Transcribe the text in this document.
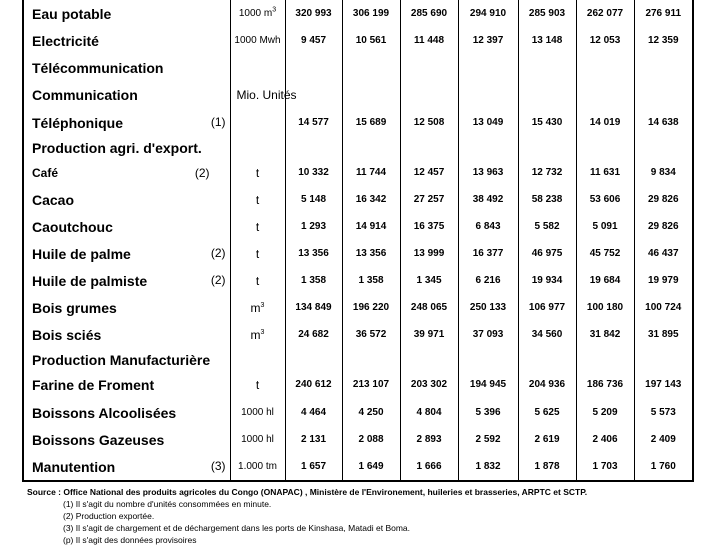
Eau potable	1000 $m^3$	320 993	306 199	285 690	294 910	285 903	262 077	276 911
Electricité	1000 Mwh	9 457	10 561	11 448	12 397	13 148	12 053	12 359
Télécommunication								
Communication	Mio. Unités							
Téléphonique (1)		14 577	15 689	12 508	13 049	15 430	14 019	14 638
Production agri. d'export.								
Café (2)	t	10 332	11 744	12 457	13 963	12 732	11 631	9 834
Cacao	t	5 148	16 342	27 257	38 492	58 238	53 606	29 826
Caoutchouc	t	1 293	14 914	16 375	6 843	5 582	5 091	29 826
Huile de palme (2)	t	13 356	13 356	13 999	16 377	46 975	45 752	46 437
Huile de palmiste (2)	t	1 358	1 358	1 345	6 216	19 934	19 684	19 979
Bois grumes	$m^3$	134 849	196 220	248 065	250 133	106 977	100 180	100 724
Bois sciés	$m^3$	24 682	36 572	39 971	37 093	34 560	31 842	31 895
Production Manufacturière								
Farine de Froment	t	240 612	213 107	203 302	194 945	204 936	186 736	197 143
Boissons Alcoolisées	1000 hl	4 464	4 250	4 804	5 396	5 625	5 209	5 573
Boissons Gazeuses	1000 hl	2 131	2 088	2 893	2 592	2 619	2 406	2 409
Manutention (3)	1.000 tm	1 657	1 649	1 666	1 832	1 878	1 703	1 760
Source : Office National des produits agricoles du Congo (ONAPAC) , Ministère de l'Environement, huileries et brasseries, ARPTC et SCTP.
(1) Il s'agit du nombre d'unités consommées en minute.
(2) Production exportée.
(3) Il s'agit de chargement et de déchargement dans les ports de Kinshasa, Matadi et Boma.
(p) Il s'agit des données provisoires
